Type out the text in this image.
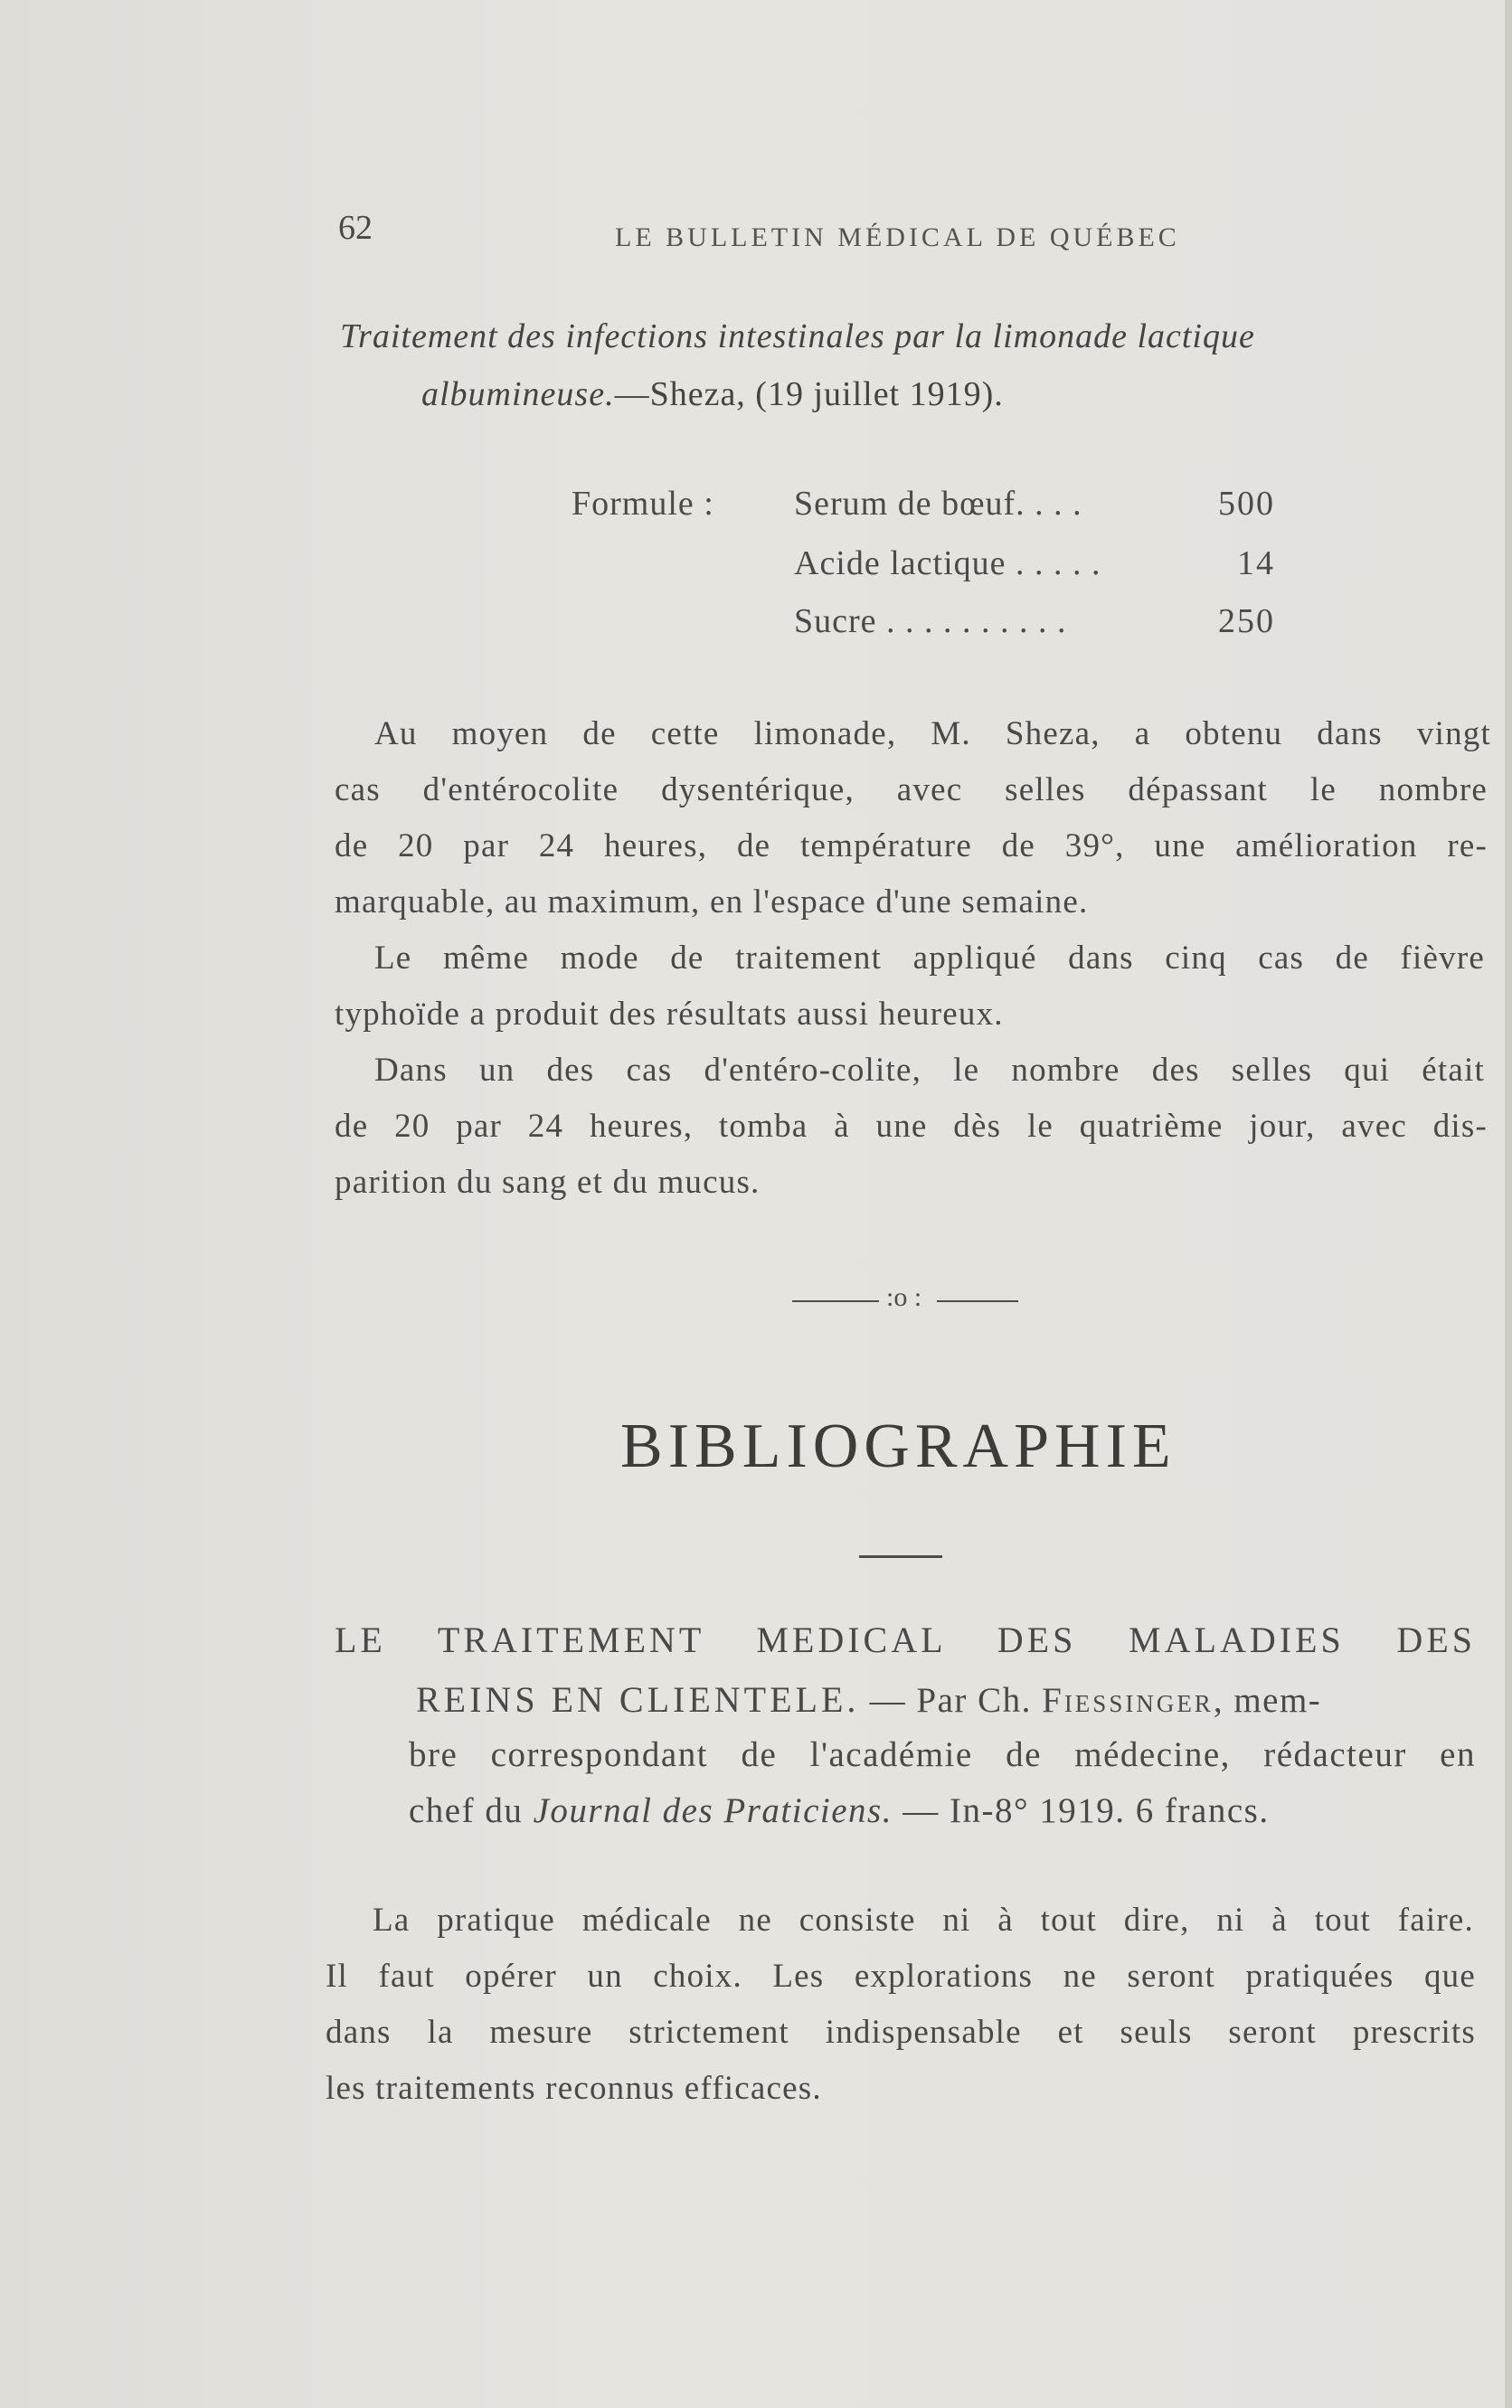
62	LE BULLETIN MÉDICAL DE QUÉBEC
Traitement des infections intestinales par la limonade lactique
albumineuse.—Sheza, (19 juillet 1919).
Formule : Serum de bœuf. . . .	500
Acide lactique . . . . .	14
Sucre . . . . . . . . . .	250
Au moyen de cette limonade, M. Sheza, a obtenu dans vingt
cas d'entérocolite dysentérique, avec selles dépassant le nombre
de 20 par 24 heures, de température de 39°, une amélioration re-
marquable, au maximum, en l'espace d'une semaine.
Le même mode de traitement appliqué dans cinq cas de fièvre
typhoïde a produit des résultats aussi heureux.
Dans un des cas d'entéro-colite, le nombre des selles qui était
de 20 par 24 heures, tomba à une dès le quatrième jour, avec dis-
parition du sang et du mucus.
:o :
BIBLIOGRAPHIE
LE TRAITEMENT MEDICAL DES MALADIES DES
REINS EN CLIENTELE. — Par Ch. Fiessinger, mem-
bre correspondant de l'académie de médecine, rédacteur en
chef du Journal des Praticiens. — In-8° 1919. 6 francs.
La pratique médicale ne consiste ni à tout dire, ni à tout faire.
Il faut opérer un choix. Les explorations ne seront pratiquées que
dans la mesure strictement indispensable et seuls seront prescrits
les traitements reconnus efficaces.
